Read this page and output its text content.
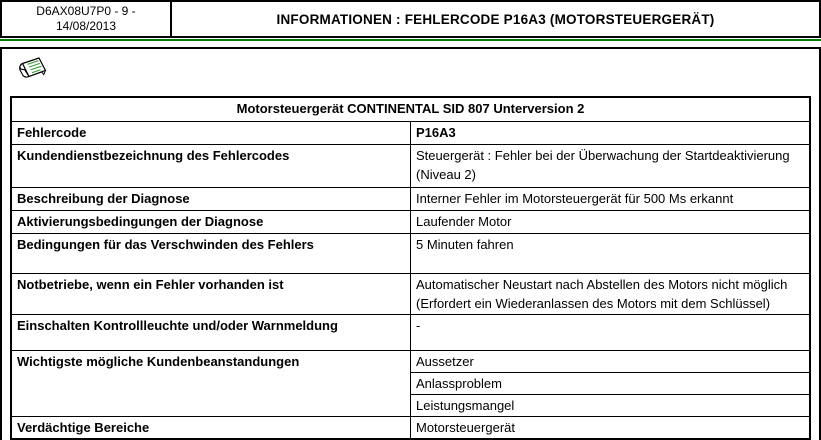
D6AX08U7P0 - 9 -
14/08/2013	INFORMATIONEN : FEHLERCODE P16A3 (MOTORSTEUERGERÄT)
Motorsteuergerät CONTINENTAL SID 807 Unterversion 2	
Fehlercode	P16A3
Kundendienstbezeichnung des Fehlercodes	Steuergerät : Fehler bei der Überwachung der Startdeaktivierung (Niveau 2)
Beschreibung der Diagnose	Interner Fehler im Motorsteuergerät für 500 Ms erkannt
Aktivierungsbedingungen der Diagnose	Laufender Motor
Bedingungen für das Verschwinden des Fehlers	5 Minuten fahren
Notbetriebe, wenn ein Fehler vorhanden ist	Automatischer Neustart nach Abstellen des Motors nicht möglich (Erfordert ein Wiederanlassen des Motors mit dem Schlüssel)
Einschalten Kontrollleuchte und/oder Warnmeldung	-
Wichtigste mögliche Kundenbeanstandungen	Aussetzer
	Anlassproblem
	Leistungsmangel
Verdächtige Bereiche	Motorsteuergerät
